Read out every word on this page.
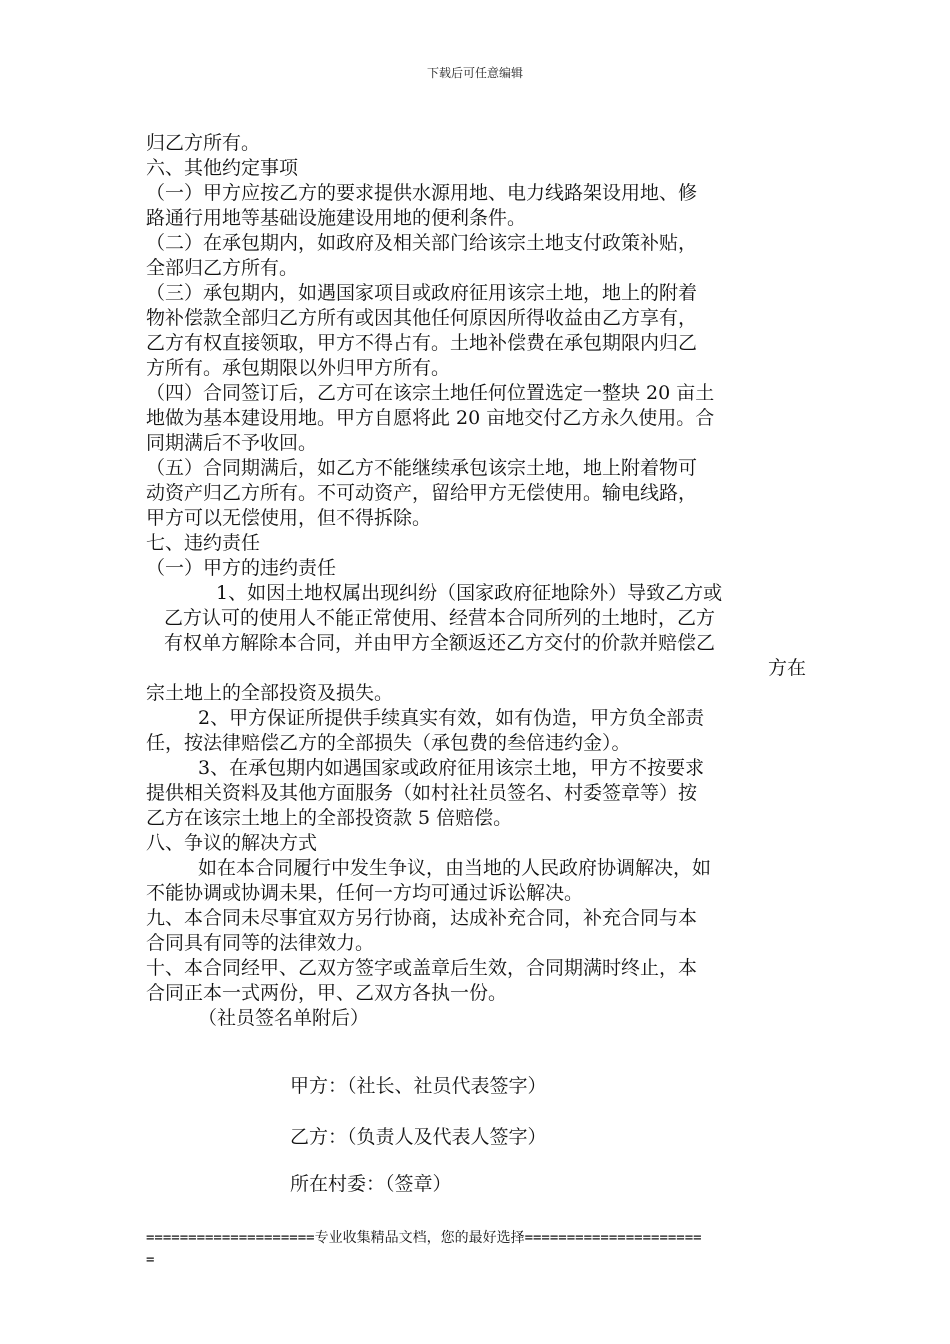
下载后可任意编辑
归乙方所有。
六、其他约定事项
（一）甲方应按乙方的要求提供水源用地、电力线路架设用地、修
路通行用地等基础设施建设用地的便利条件。
（二）在承包期内，如政府及相关部门给该宗土地支付政策补贴，
全部归乙方所有。
（三）承包期内，如遇国家项目或政府征用该宗土地，地上的附着
物补偿款全部归乙方所有或因其他任何原因所得收益由乙方享有，
乙方有权直接领取，甲方不得占有。土地补偿费在承包期限内归乙
方所有。承包期限以外归甲方所有。
（四）合同签订后，乙方可在该宗土地任何位置选定一整块 20 亩土
地做为基本建设用地。甲方自愿将此 20 亩地交付乙方永久使用。合
同期满后不予收回。
（五）合同期满后，如乙方不能继续承包该宗土地，地上附着物可
动资产归乙方所有。不可动资产，留给甲方无偿使用。输电线路，
甲方可以无偿使用，但不得拆除。
七、违约责任
（一）甲方的违约责任
1、如因土地权属出现纠纷（国家政府征地除外）导致乙方或
乙方认可的使用人不能正常使用、经营本合同所列的土地时，乙方
有权单方解除本合同，并由甲方全额返还乙方交付的价款并赔偿乙
方在
宗土地上的全部投资及损失。
2、甲方保证所提供手续真实有效，如有伪造，甲方负全部责
任，按法律赔偿乙方的全部损失（承包费的叁倍违约金）。
3、在承包期内如遇国家或政府征用该宗土地，甲方不按要求
提供相关资料及其他方面服务（如村社社员签名、村委签章等）按
乙方在该宗土地上的全部投资款 5 倍赔偿。
八、争议的解决方式
如在本合同履行中发生争议，由当地的人民政府协调解决，如
不能协调或协调未果，任何一方均可通过诉讼解决。
九、本合同未尽事宜双方另行协商，达成补充合同，补充合同与本
合同具有同等的法律效力。
十、本合同经甲、乙双方签字或盖章后生效，合同期满时终止，本
合同正本一式两份，甲、乙双方各执一份。
（社员签名单附后）
甲方：（社长、社员代表签字）
乙方：（负责人及代表人签字）
所在村委：（签章）
====================专业收集精品文档，您的最好选择=====================
=
